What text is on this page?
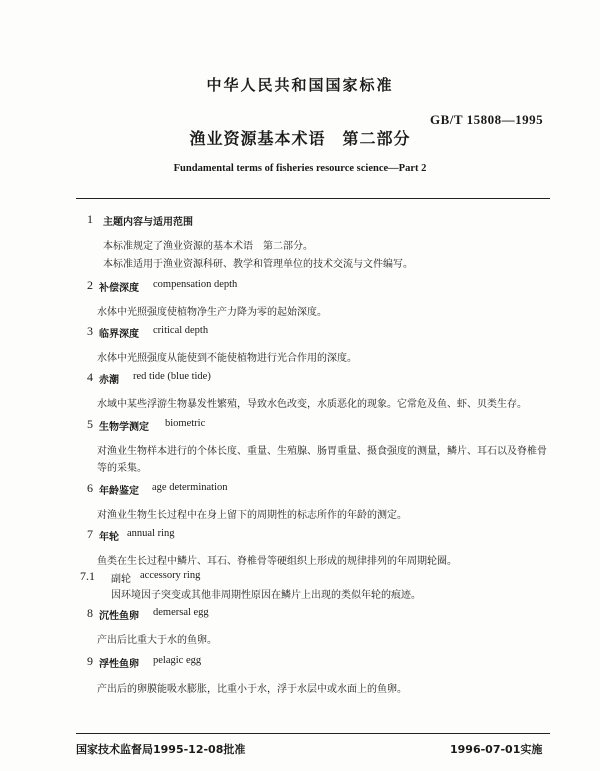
中华人民共和国国家标准
GB/T 15808—1995
渔业资源基本术语　第二部分
Fundamental terms of fisheries resource science—Part 2
1 主题内容与适用范围
本标准规定了渔业资源的基本术语　第二部分。
本标准适用于渔业资源科研、教学和管理单位的技术交流与文件编写。
2 补偿深度 compensation depth
水体中光照强度使植物净生产力降为零的起始深度。
3 临界深度 critical depth
水体中光照强度从能使到不能使植物进行光合作用的深度。
4 赤潮 red tide (blue tide)
水域中某些浮游生物暴发性繁殖，导致水色改变，水质恶化的现象。它常危及鱼、虾、贝类生存。
5 生物学测定 biometric
对渔业生物样本进行的个体长度、重量、生殖腺、肠胃重量、摄食强度的测量，鳞片、耳石以及脊椎骨
等的采集。
6 年龄鉴定 age determination
对渔业生物生长过程中在身上留下的周期性的标志所作的年龄的测定。
7 年轮 annual ring
鱼类在生长过程中鳞片、耳石、脊椎骨等硬组织上形成的规律排列的年周期轮圈。
7.1 副轮 accessory ring
因环境因子突变或其他非周期性原因在鳞片上出现的类似年轮的痕迹。
8 沉性鱼卵 demersal egg
产出后比重大于水的鱼卵。
9 浮性鱼卵 pelagic egg
产出后的卵膜能吸水膨胀，比重小于水，浮于水层中或水面上的鱼卵。
国家技术监督局1995-12-08批准	1996-07-01实施
